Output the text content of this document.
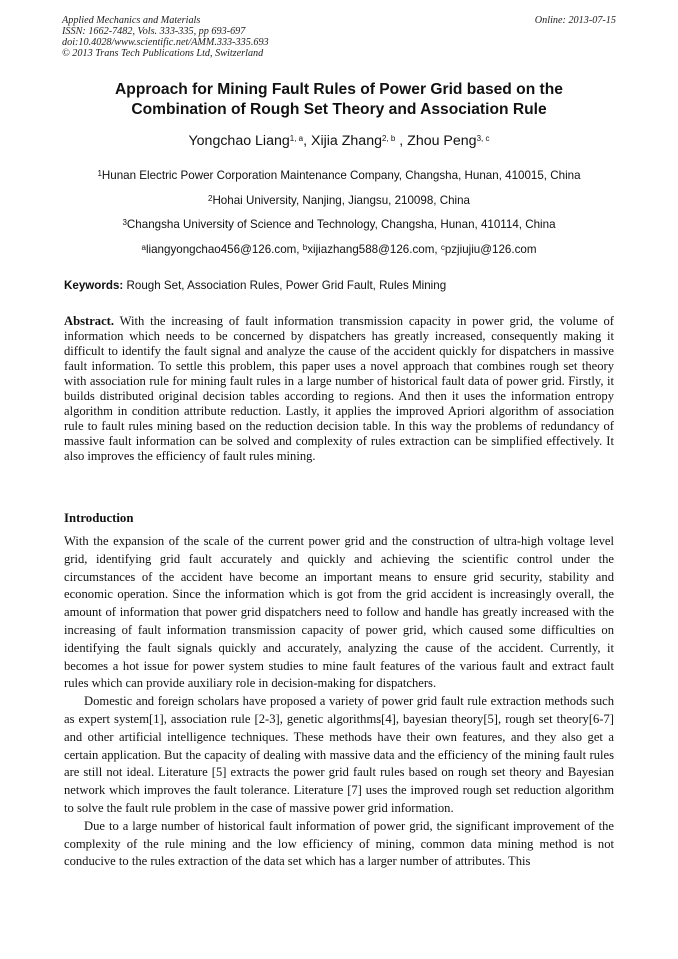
Applied Mechanics and Materials
ISSN: 1662-7482, Vols. 333-335, pp 693-697
doi:10.4028/www.scientific.net/AMM.333-335.693
© 2013 Trans Tech Publications Ltd, Switzerland
Online: 2013-07-15
Approach for Mining Fault Rules of Power Grid based on the
Combination of Rough Set Theory and Association Rule
Yongchao Liang$^{1, a}$, Xijia Zhang$^{2, b}$ , Zhou Peng$^{3, c}$
$^1$Hunan Electric Power Corporation Maintenance Company, Changsha, Hunan, 410015, China
$^2$Hohai University, Nanjing, Jiangsu, 210098, China
$^3$Changsha University of Science and Technology, Changsha, Hunan, 410114, China
$^a$liangyongchao456@126.com, $^b$xijiazhang588@126.com, $^c$pzjiujiu@126.com
Keywords: Rough Set, Association Rules, Power Grid Fault, Rules Mining
Abstract. With the increasing of fault information transmission capacity in power grid, the volume of information which needs to be concerned by dispatchers has greatly increased, consequently making it difficult to identify the fault signal and analyze the cause of the accident quickly for dispatchers in massive fault information. To settle this problem, this paper uses a novel approach that combines rough set theory with association rule for mining fault rules in a large number of historical fault data of power grid. Firstly, it builds distributed original decision tables according to regions. And then it uses the information entropy algorithm in condition attribute reduction. Lastly, it applies the improved Apriori algorithm of association rule to fault rules mining based on the reduction decision table. In this way the problems of redundancy of massive fault information can be solved and complexity of rules extraction can be simplified effectively. It also improves the efficiency of fault rules mining.
Introduction

With the expansion of the scale of the current power grid and the construction of ultra-high voltage level grid, identifying grid fault accurately and quickly and achieving the scientific control under the circumstances of the accident have become an important means to ensure grid security, stability and economic operation. Since the information which is got from the grid accident is increasingly overall, the amount of information that power grid dispatchers need to follow and handle has greatly increased with the increasing of fault information transmission capacity of power grid, which caused some difficulties on identifying the fault signals quickly and accurately, analyzing the cause of the accident. Currently, it becomes a hot issue for power system studies to mine fault features of the various fault and extract fault rules which can provide auxiliary role in decision-making for dispatchers.

Domestic and foreign scholars have proposed a variety of power grid fault rule extraction methods such as expert system[1], association rule [2-3], genetic algorithms[4], bayesian theory[5], rough set theory[6-7] and other artificial intelligence techniques. These methods have their own features, and they also get a certain application. But the capacity of dealing with massive data and the efficiency of the mining fault rules are still not ideal. Literature [5] extracts the power grid fault rules based on rough set theory and Bayesian network which improves the fault tolerance. Literature [7] uses the improved rough set reduction algorithm to solve the fault rule problem in the case of massive power grid information.

Due to a large number of historical fault information of power grid, the significant improvement of the complexity of the rule mining and the low efficiency of mining, common data mining method is not conducive to the rules extraction of the data set which has a larger number of attributes. This
